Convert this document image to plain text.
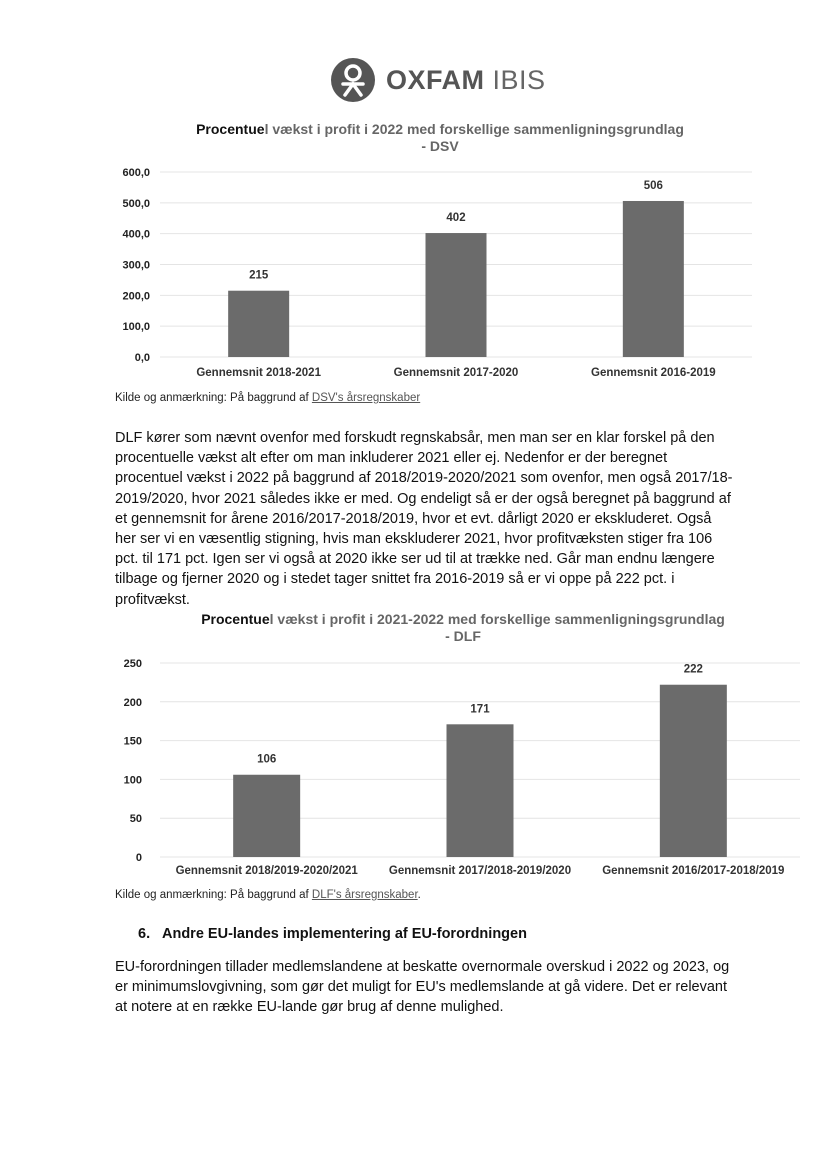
OXFAM IBIS
Procentuel vækst i profit i 2022 med forskellige sammenligningsgrundlag
- DSV
0,0
100,0
200,0
300,0
400,0
500,0
600,0
215
Gennemsnit 2018-2021
402
Gennemsnit 2017-2020
506
Gennemsnit 2016-2019
Kilde og anmærkning: På baggrund af DSV's årsregnskaber
DLF kører som nævnt ovenfor med forskudt regnskabsår, men man ser en klar forskel på den procentuelle vækst alt efter om man inkluderer 2021 eller ej. Nedenfor er der beregnet procentuel vækst i 2022 på baggrund af 2018/2019-2020/2021 som ovenfor, men også 2017/18-2019/2020, hvor 2021 således ikke er med. Og endeligt så er der også beregnet på baggrund af et gennemsnit for årene 2016/2017-2018/2019, hvor et evt. dårligt 2020 er ekskluderet. Også her ser vi en væsentlig stigning, hvis man ekskluderer 2021, hvor profitvæksten stiger fra 106 pct. til 171 pct. Igen ser vi også at 2020 ikke ser ud til at trække ned. Går man endnu længere tilbage og fjerner 2020 og i stedet tager snittet fra 2016-2019 så er vi oppe på 222 pct. i profitvækst.
Procentuel vækst i profit i 2021-2022 med forskellige sammenligningsgrundlag
- DLF
0
50
100
150
200
250
106
Gennemsnit 2018/2019-2020/2021
171
Gennemsnit 2017/2018-2019/2020
222
Gennemsnit 2016/2017-2018/2019
Kilde og anmærkning: På baggrund af DLF's årsregnskaber.
6. Andre EU-landes implementering af EU-forordningen
EU-forordningen tillader medlemslandene at beskatte overnormale overskud i 2022 og 2023, og er minimumslovgivning, som gør det muligt for EU's medlemslande at gå videre. Det er relevant at notere at en række EU-lande gør brug af denne mulighed.
